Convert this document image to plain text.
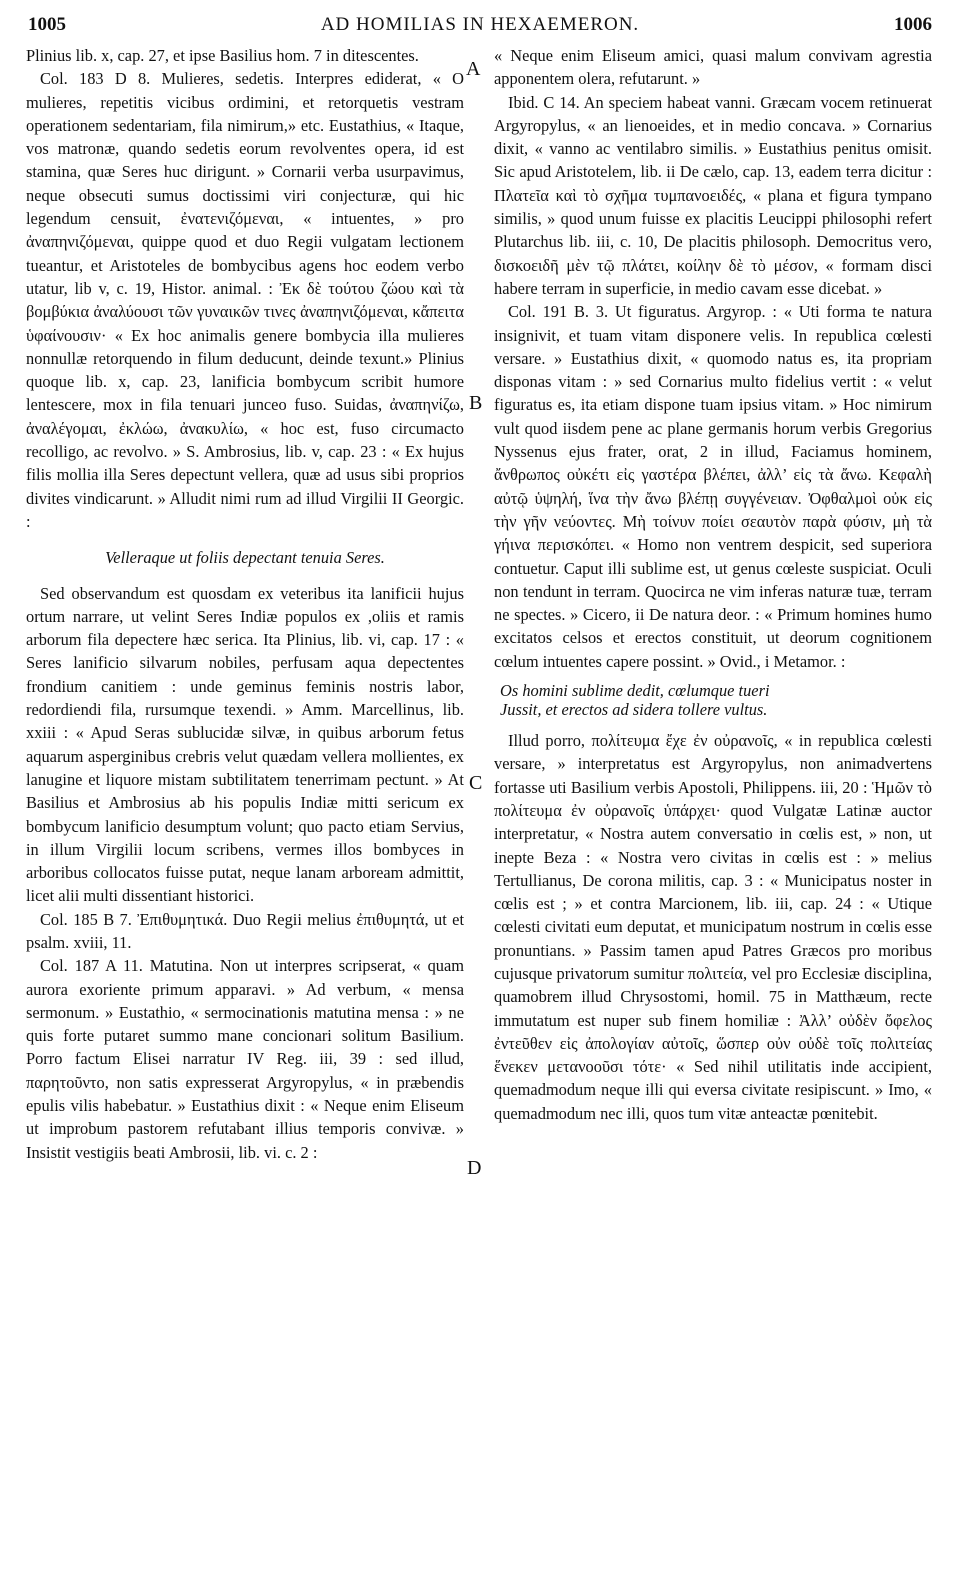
1005	AD HOMILIAS IN HEXAEMERON.	1006

Plinius lib. x, cap. 27, et ipse Basilius hom. 7 in ditescentes.

Col. 183 D 8. Mulieres, sedetis. Interpres ediderat, « O mulieres, repetitis vicibus ordimini, et retorquetis vestram operationem sedentariam, fila nimirum,» etc. Eustathius, « Itaque, vos matronæ, quando sedetis eorum revolventes opera, id est stamina, quæ Seres huc dirigunt. » Cornarii verba usurpavimus, neque obsecuti sumus doctissimi viri conjecturæ, qui hic legendum censuit, ἐνατενιζόμεναι, « intuentes, » pro ἀναπηνιζόμεναι, quippe quod et duo Regii vulgatam lectionem tueantur, et Aristoteles de bombycibus agens hoc eodem verbo utatur, lib v, c. 19, Histor. animal. : Ἐκ δὲ τούτου ζώου καὶ τὰ βομβύκια ἀναλύουσι τῶν γυναικῶν τινες ἀναπηνιζόμεναι, κἄπειτα ὑφαίνουσιν· « Ex hoc animalis genere bombycia illa mulieres nonnullæ retorquendo in filum deducunt, deinde texunt.» Plinius quoque lib. x, cap. 23, lanificia bombycum scribit humore lentescere, mox in fila tenuari junceo fuso. Suidas, ἀναπηνίζω, ἀναλέγομαι, ἐκλώω, ἀνακυλίω, « hoc est, fuso circumacto recolligo, ac revolvo. » S. Ambrosius, lib. v, cap. 23 : « Ex hujus filis mollia illa Seres depectunt vellera, quæ ad usus sibi proprios divites vindicarunt. » Alludit nimi rum ad illud Virgilii II Georgic. :

Velleraque ut foliis depectant tenuia Seres.

Sed observandum est quosdam ex veteribus ita lanificii hujus ortum narrare, ut velint Seres Indiæ populos ex ,oliis et ramis arborum fila depectere hæc serica. Ita Plinius, lib. vi, cap. 17 : « Seres lanificio silvarum nobiles, perfusam aqua depectentes frondium canitiem : unde geminus feminis nostris labor, redordiendi fila, rursumque texendi. » Amm. Marcellinus, lib. xxiii : « Apud Seras sublucidæ silvæ, in quibus arborum fetus aquarum asperginibus crebris velut quædam vellera mollientes, ex lanugine et liquore mistam subtilitatem tenerrimam pectunt. » At Basilius et Ambrosius ab his populis Indiæ mitti sericum ex bombycum lanificio desumptum volunt; quo pacto etiam Servius, in illum Virgilii locum scribens, vermes illos bombyces in arboribus collocatos fuisse putat, neque lanam arboream admittit, licet alii multi dissentiant historici.

Col. 185 B 7. Ἐπιθυμητικά. Duo Regii melius ἐπιθυμητά, ut et psalm. xviii, 11.

Col. 187 A 11. Matutina. Non ut interpres scripserat, « quam aurora exoriente primum apparavi. » Ad verbum, « mensa sermonum. » Eustathio, « sermocinationis matutina mensa : » ne quis forte putaret summo mane concionari solitum Basilium. Porro factum Elisei narratur IV Reg. iii, 39 : sed illud, παρητοῦντο, non satis expresserat Argyropylus, « in præbendis epulis vilis habebatur. » Eustathius dixit : « Neque enim Eliseum ut improbum pastorem refutabant illius temporis convivæ. » Insistit vestigiis beati Ambrosii, lib. vi. c. 2 :

« Neque enim Eliseum amici, quasi malum convivam agrestia apponentem olera, refutarunt. »

Ibid. C 14. An speciem habeat vanni. Græcam vocem retinuerat Argyropylus, « an lienoeides, et in medio concava. » Cornarius dixit, « vanno ac ventilabro similis. » Eustathius penitus omisit. Sic apud Aristotelem, lib. ii De cælo, cap. 13, eadem terra dicitur : Πλατεῖα καὶ τὸ σχῆμα τυμπανοειδές, « plana et figura tympano similis, » quod unum fuisse ex placitis Leucippi philosophi refert Plutarchus lib. iii, c. 10, De placitis philosoph. Democritus vero, δισκοειδῆ μὲν τῷ πλάτει, κοίλην δὲ τὸ μέσον, « formam disci habere terram in superficie, in medio cavam esse dicebat. »

Col. 191 B. 3. Ut figuratus. Argyrop. : « Uti forma te natura insignivit, et tuam vitam disponere velis. In republica cœlesti versare. » Eustathius dixit, « quomodo natus es, ita propriam disponas vitam : » sed Cornarius multo fidelius vertit : « velut figuratus es, ita etiam dispone tuam ipsius vitam. » Hoc nimirum vult quod iisdem pene ac plane germanis horum verbis Gregorius Nyssenus ejus frater, orat, 2 in illud, Faciamus hominem, ἄνθρωπος οὐκέτι εἰς γαστέρα βλέπει, ἀλλ’ εἰς τὰ ἄνω. Κεφαλὴ αὐτῷ ὑψηλή, ἵνα τὴν ἄνω βλέπῃ συγγένειαν. Ὀφθαλμοὶ οὐκ εἰς τὴν γῆν νεύοντες. Μὴ τοίνυν ποίει σεαυτὸν παρὰ φύσιν, μὴ τὰ γήινα περισκόπει. « Homo non ventrem despicit, sed superiora contuetur. Caput illi sublime est, ut genus cœleste suspiciat. Oculi non tendunt in terram. Quocirca ne vim inferas naturæ tuæ, terram ne spectes. » Cicero, ii De natura deor. : « Primum homines humo excitatos celsos et erectos constituit, ut deorum cognitionem cœlum intuentes capere possint. » Ovid., i Metamor. :

Os homini sublime dedit, cœlumque tueri
Jussit, et erectos ad sidera tollere vultus.

Illud porro, πολίτευμα ἔχε ἐν οὐρανοῖς, « in republica cœlesti versare, » interpretatus est Argyropylus, non animadvertens fortasse uti Basilium verbis Apostoli, Philippens. iii, 20 : Ἡμῶν τὸ πολίτευμα ἐν οὐρανοῖς ὑπάρχει· quod Vulgatæ Latinæ auctor interpretatur, « Nostra autem conversatio in cœlis est, » non, ut inepte Beza : « Nostra vero civitas in cœlis est : » melius Tertullianus, De corona militis, cap. 3 : « Municipatus noster in cœlis est ; » et contra Marcionem, lib. iii, cap. 24 : « Utique cœlesti civitati eum deputat, et municipatum nostrum in cœlis esse pronuntians. » Passim tamen apud Patres Græcos pro moribus cujusque privatorum sumitur πολιτεία, vel pro Ecclesiæ disciplina, quamobrem illud Chrysostomi, homil. 75 in Matthæum, recte immutatum est nuper sub finem homiliæ : Ἀλλ’ οὐδὲν ὄφελος ἐντεῦθεν εἰς ἀπολογίαν αὐτοῖς, ὥσπερ οὐν οὐδὲ τοῖς πολιτείας ἕνεκεν μετανοοῦσι τότε· « Sed nihil utilitatis inde accipient, quemadmodum neque illi qui eversa civitate resipiscunt. » Imo, « quemadmodum nec illi, quos tum vitæ anteactæ pœnitebit.

A
B
C
D
